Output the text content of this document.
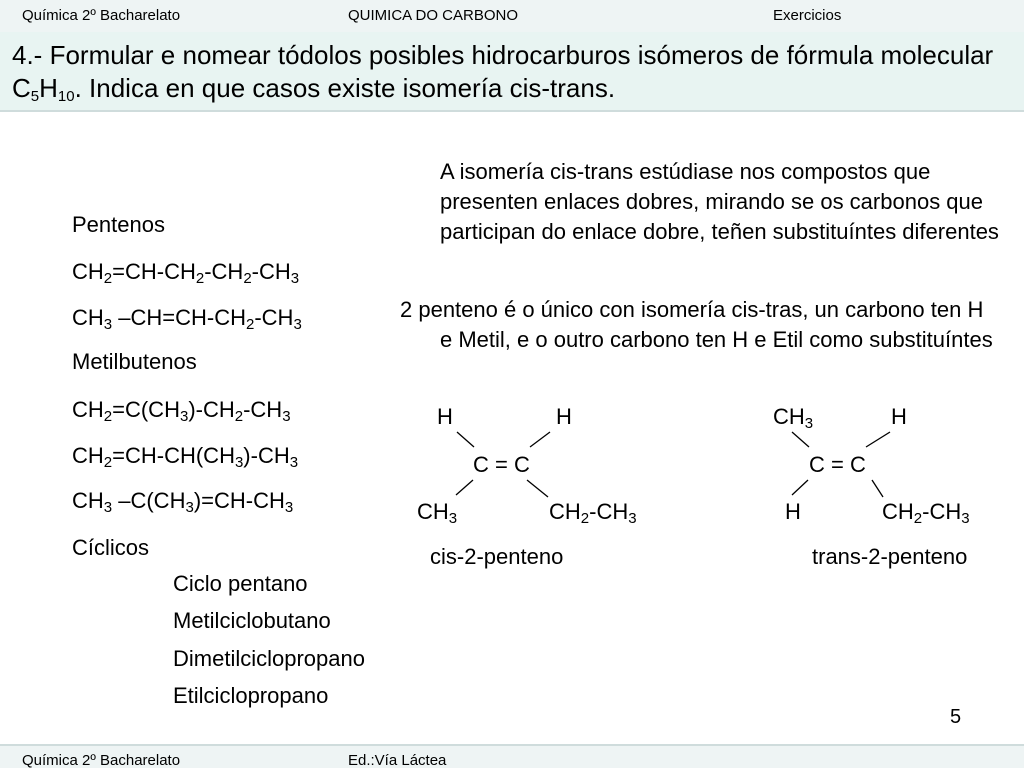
Química 2º Bacharelato	QUIMICA DO CARBONO	Exercicios
4.- Formular e nomear tódolos posibles hidrocarburos isómeros de fórmula molecular $C_5H_{10}$. Indica en que casos existe isomería cis-trans.
Pentenos
$CH_2=CH-CH_2-CH_2-CH_3$
$CH_3$ $-CH=CH-CH_2-CH_3$
Metilbutenos
$CH_2=C(CH_3)-CH_2-CH_3$
$CH_2=CH-CH(CH_3)-CH_3$
$CH_3$ $-C(CH_3)=CH-CH_3$
Cíclicos
Ciclo pentano
Metilciclobutano
Dimetilciclopropano
Etilciclopropano
A isomería cis-trans estúdiase nos compostos que presenten enlaces dobres, mirando se os carbonos que participan do enlace dobre, teñen substituíntes diferentes
2 penteno é o único con isomería cis-tras, un carbono ten H e Metil, e o outro carbono ten H e Etil como substituíntes
H	H
C = C
$CH_3$	$CH_2-CH_3$
cis-2-penteno
$CH_3$	H
C = C
H	$CH_2-CH_3$
trans-2-penteno
5
Química 2º Bacharelato	Ed.:Vía Láctea
